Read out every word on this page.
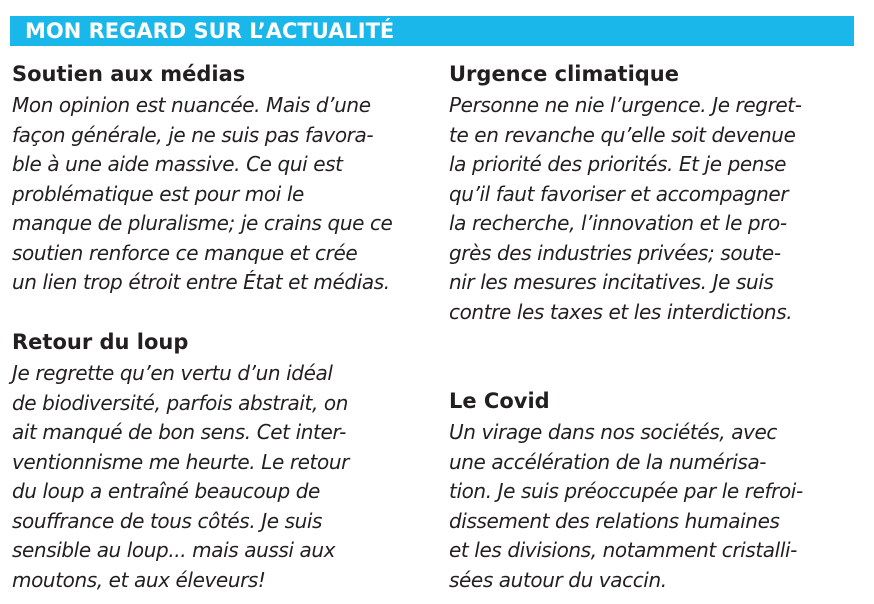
MON REGARD SUR L’ACTUALITÉ
Soutien aux médias
Mon opinion est nuancée. Mais d’une
façon générale, je ne suis pas favora-
ble à une aide massive. Ce qui est
problématique est pour moi le
manque de pluralisme; je crains que ce
soutien renforce ce manque et crée
un lien trop étroit entre État et médias.
Retour du loup
Je regrette qu’en vertu d’un idéal
de biodiversité, parfois abstrait, on
ait manqué de bon sens. Cet inter-
ventionnisme me heurte. Le retour
du loup a entraîné beaucoup de
souffrance de tous côtés. Je suis
sensible au loup... mais aussi aux
moutons, et aux éleveurs!
Urgence climatique
Personne ne nie l’urgence. Je regret-
te en revanche qu’elle soit devenue
la priorité des priorités. Et je pense
qu’il faut favoriser et accompagner
la recherche, l’innovation et le pro-
grès des industries privées; soute-
nir les mesures incitatives. Je suis
contre les taxes et les interdictions.
Le Covid
Un virage dans nos sociétés, avec
une accélération de la numérisa-
tion. Je suis préoccupée par le refroi-
dissement des relations humaines
et les divisions, notamment cristalli-
sées autour du vaccin.
